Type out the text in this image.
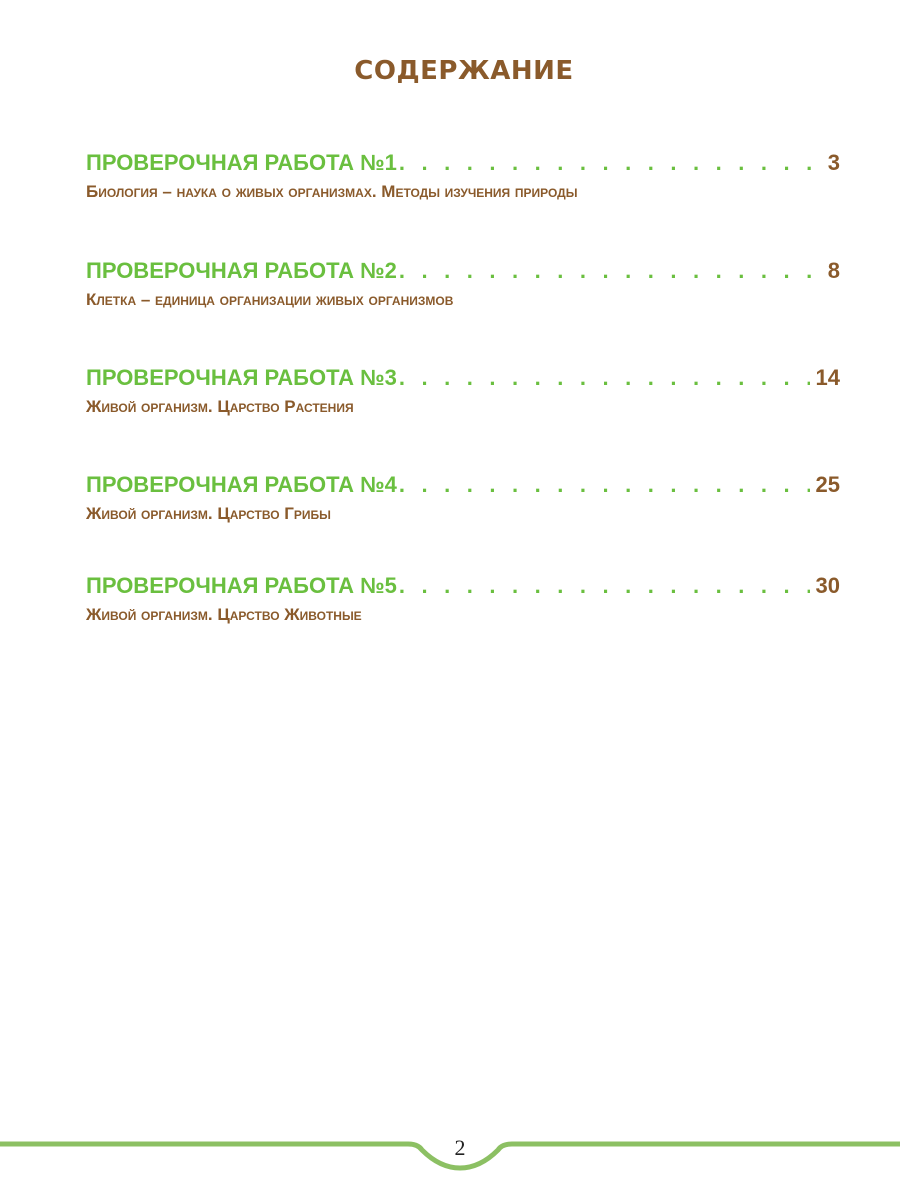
СОДЕРЖАНИЕ
ПРОВЕРОЧНАЯ РАБОТА №1 . . .	3
Биология – наука о живых организмах. Методы изучения природы
ПРОВЕРОЧНАЯ РАБОТА №2 . . .	8
Клетка – единица организации живых организмов
ПРОВЕРОЧНАЯ РАБОТА №3 . . .	14
Живой организм. Царство Растения
ПРОВЕРОЧНАЯ РАБОТА №4 . . .	25
Живой организм. Царство Грибы
ПРОВЕРОЧНАЯ РАБОТА №5 . . .	30
Живой организм. Царство Животные
2
